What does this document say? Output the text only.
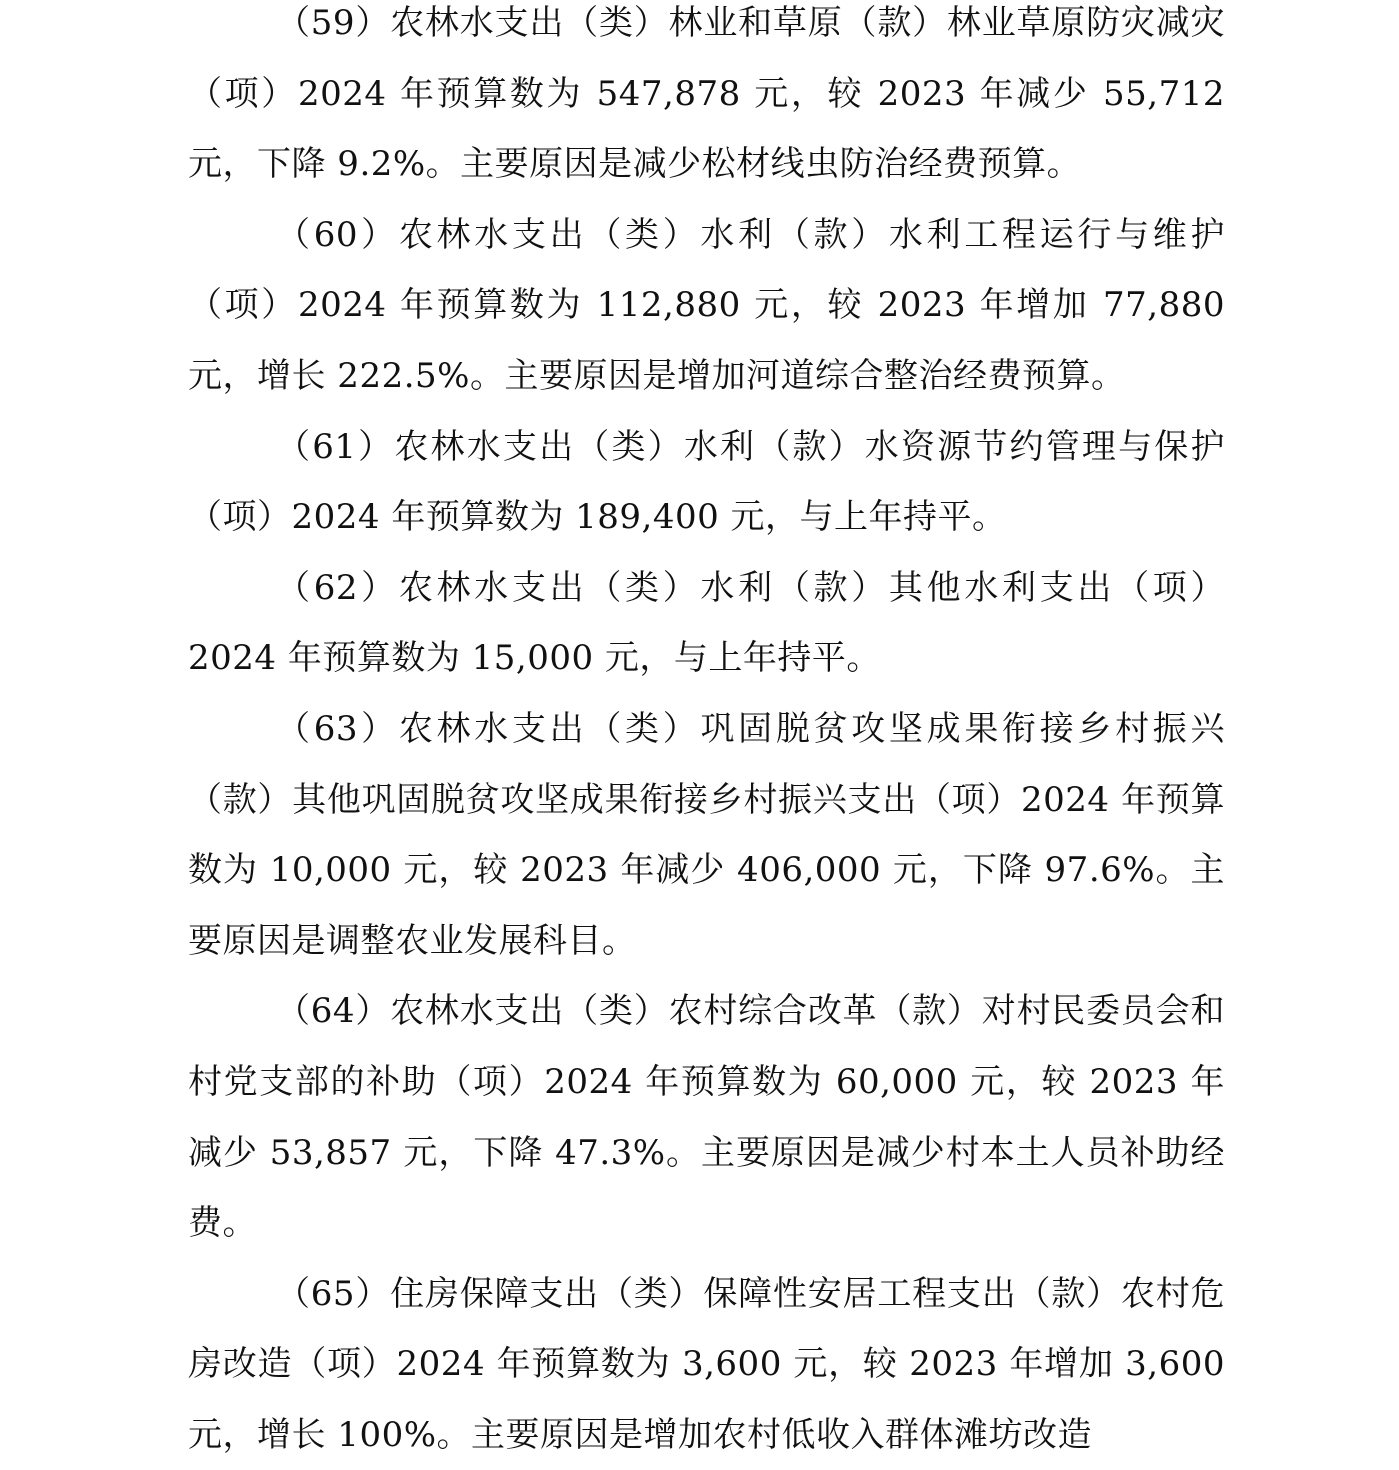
（59）农林水支出（类）林业和草原（款）林业草原防灾减灾（项）2024 年预算数为 547,878 元，较 2023 年减少 55,712 元，下降 9.2%。主要原因是减少松材线虫防治经费预算。

（60）农林水支出（类）水利（款）水利工程运行与维护（项）2024 年预算数为 112,880 元，较 2023 年增加 77,880 元，增长 222.5%。主要原因是增加河道综合整治经费预算。

（61）农林水支出（类）水利（款）水资源节约管理与保护（项）2024 年预算数为 189,400 元，与上年持平。

（62）农林水支出（类）水利（款）其他水利支出（项）2024 年预算数为 15,000 元，与上年持平。

（63）农林水支出（类）巩固脱贫攻坚成果衔接乡村振兴（款）其他巩固脱贫攻坚成果衔接乡村振兴支出（项）2024 年预算数为 10,000 元，较 2023 年减少 406,000 元，下降 97.6%。主要原因是调整农业发展科目。

（64）农林水支出（类）农村综合改革（款）对村民委员会和村党支部的补助（项）2024 年预算数为 60,000 元，较 2023 年减少 53,857 元，下降 47.3%。主要原因是减少村本土人员补助经费。

（65）住房保障支出（类）保障性安居工程支出（款）农村危房改造（项）2024 年预算数为 3,600 元，较 2023 年增加 3,600 元，增长 100%。主要原因是增加农村低收入群体滩坊改造
